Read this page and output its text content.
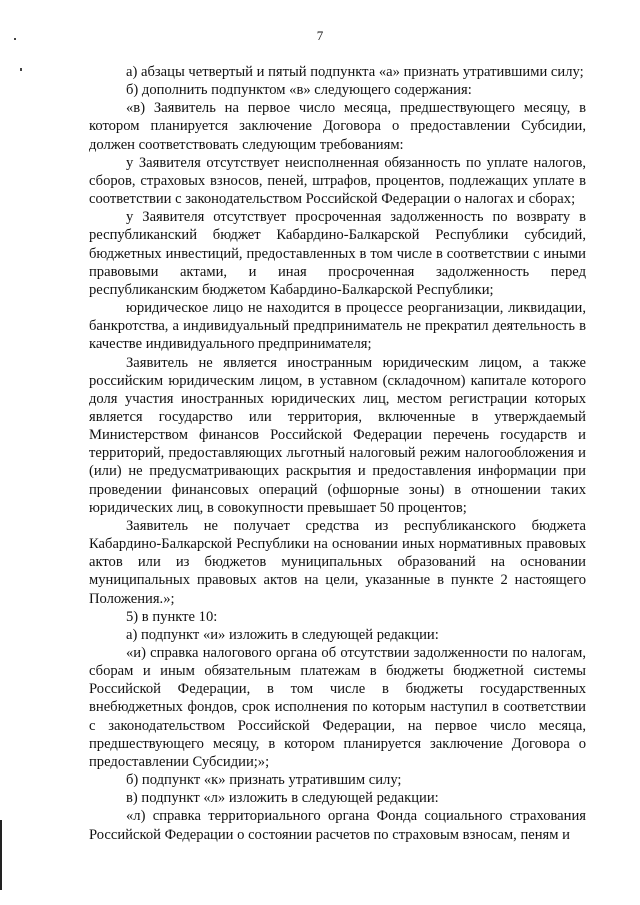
7

а) абзацы четвертый и пятый подпункта «а» признать утратившими силу;

б) дополнить подпунктом «в» следующего содержания:

«в) Заявитель на первое число месяца, предшествующего месяцу, в котором планируется заключение Договора о предоставлении Субсидии, должен соответствовать следующим требованиям:

у Заявителя отсутствует неисполненная обязанность по уплате налогов, сборов, страховых взносов, пеней, штрафов, процентов, подлежащих уплате в соответствии с законодательством Российской Федерации о налогах и сборах;

у Заявителя отсутствует просроченная задолженность по возврату в республиканский бюджет Кабардино-Балкарской Республики субсидий, бюджетных инвестиций, предоставленных в том числе в соответствии с иными правовыми актами, и иная просроченная задолженность перед республиканским бюджетом Кабардино-Балкарской Республики;

юридическое лицо не находится в процессе реорганизации, ликвидации, банкротства, а индивидуальный предприниматель не прекратил деятельность в качестве индивидуального предпринимателя;

Заявитель не является иностранным юридическим лицом, а также российским юридическим лицом, в уставном (складочном) капитале которого доля участия иностранных юридических лиц, местом регистрации которых является государство или территория, включенные в утверждаемый Министерством финансов Российской Федерации перечень государств и территорий, предоставляющих льготный налоговый режим налогообложения и (или) не предусматривающих раскрытия и предоставления информации при проведении финансовых операций (офшорные зоны) в отношении таких юридических лиц, в совокупности превышает 50 процентов;

Заявитель не получает средства из республиканского бюджета Кабардино-Балкарской Республики на основании иных нормативных правовых актов или из бюджетов муниципальных образований на основании муниципальных правовых актов на цели, указанные в пункте 2 настоящего Положения.»;

5) в пункте 10:

а) подпункт «и» изложить в следующей редакции:

«и) справка налогового органа об отсутствии задолженности по налогам, сборам и иным обязательным платежам в бюджеты бюджетной системы Российской Федерации, в том числе в бюджеты государственных внебюджетных фондов, срок исполнения по которым наступил в соответствии с законодательством Российской Федерации, на первое число месяца, предшествующего месяцу, в котором планируется заключение Договора о предоставлении Субсидии;»;

б) подпункт «к» признать утратившим силу;

в) подпункт «л» изложить в следующей редакции:

«л) справка территориального органа Фонда социального страхования Российской Федерации о состоянии расчетов по страховым взносам, пеням и
